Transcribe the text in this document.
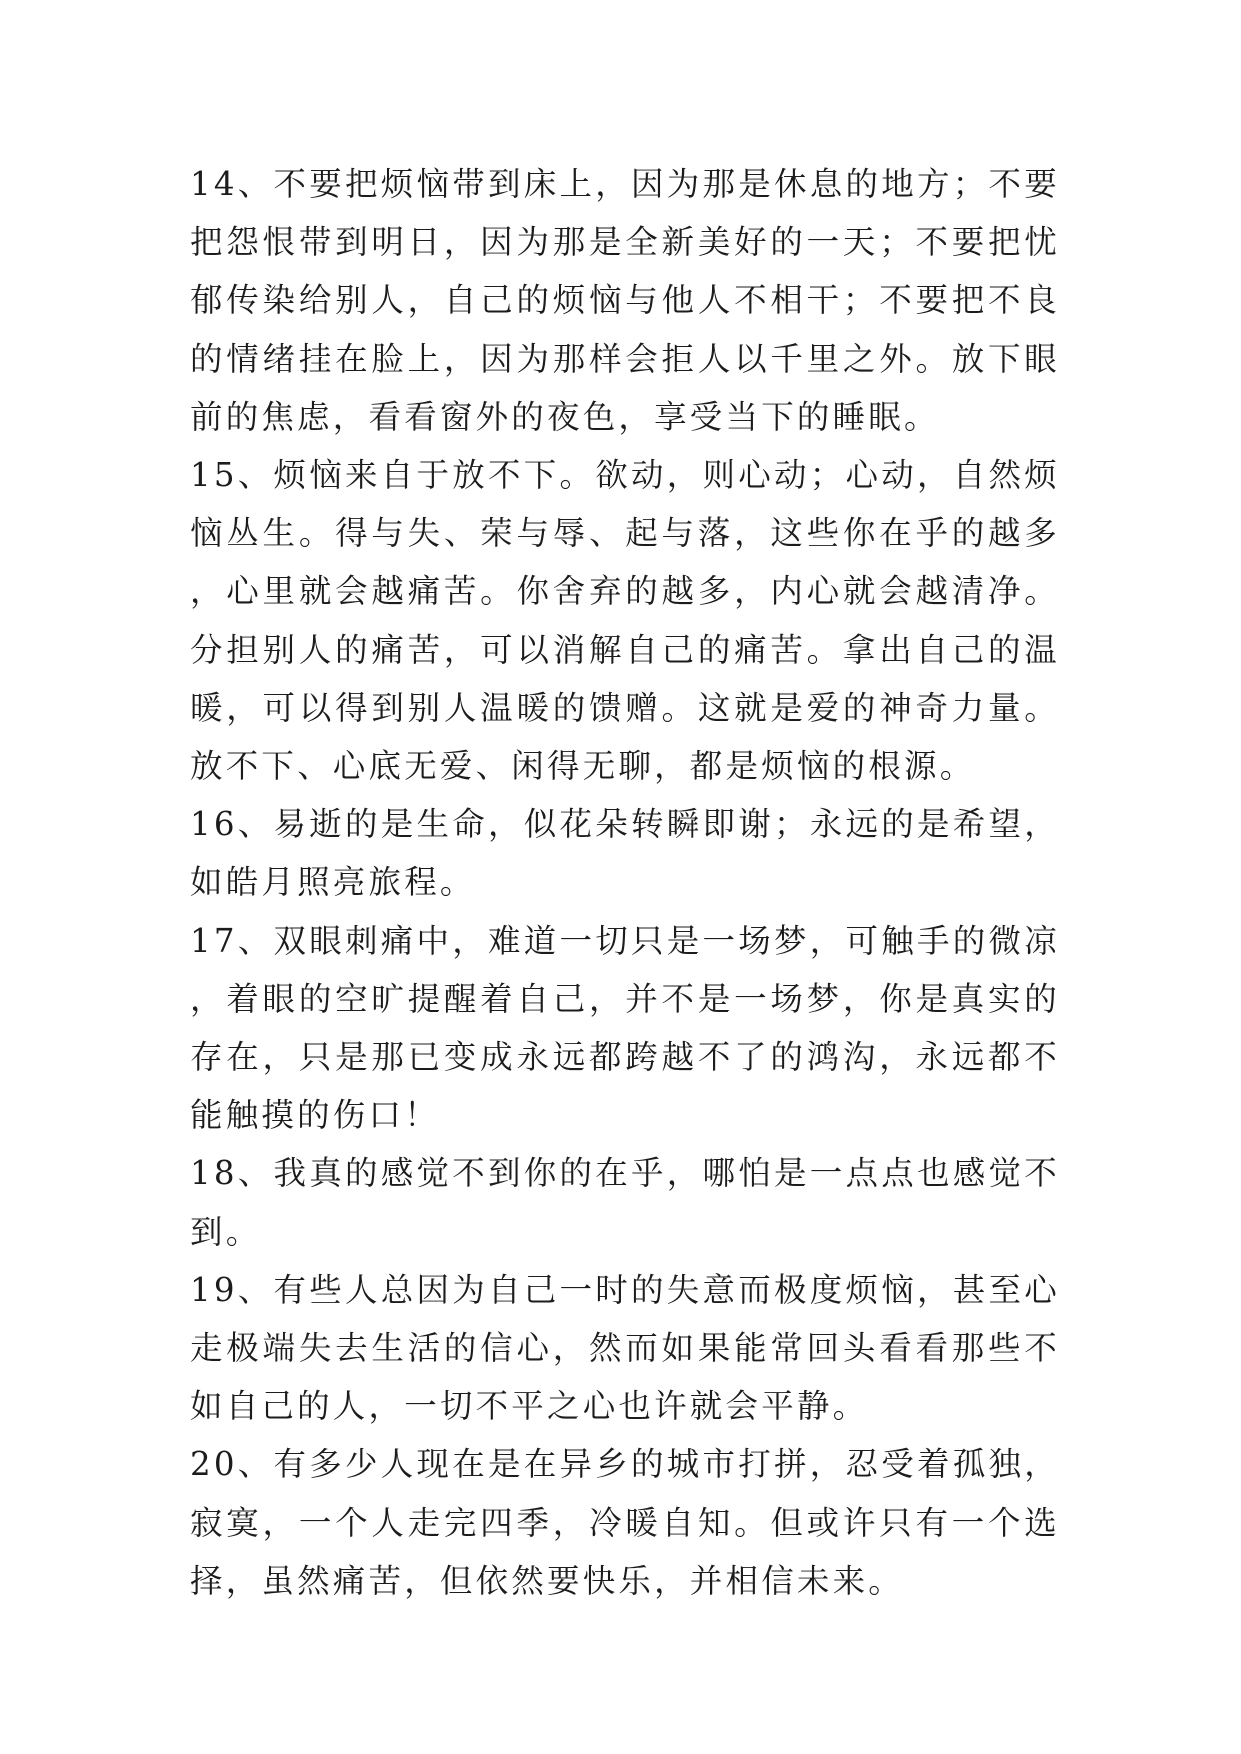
14、不要把烦恼带到床上，因为那是休息的地方；不要把怨恨带到明日，因为那是全新美好的一天；不要把忧郁传染给别人，自己的烦恼与他人不相干；不要把不良的情绪挂在脸上，因为那样会拒人以千里之外。放下眼前的焦虑，看看窗外的夜色，享受当下的睡眠。

15、烦恼来自于放不下。欲动，则心动；心动，自然烦恼丛生。得与失、荣与辱、起与落，这些你在乎的越多，心里就会越痛苦。你舍弃的越多，内心就会越清净。分担别人的痛苦，可以消解自己的痛苦。拿出自己的温暖，可以得到别人温暖的馈赠。这就是爱的神奇力量。放不下、心底无爱、闲得无聊，都是烦恼的根源。

16、易逝的是生命，似花朵转瞬即谢；永远的是希望，如皓月照亮旅程。

17、双眼刺痛中，难道一切只是一场梦，可触手的微凉，着眼的空旷提醒着自己，并不是一场梦，你是真实的存在，只是那已变成永远都跨越不了的鸿沟，永远都不能触摸的伤口！

18、我真的感觉不到你的在乎，哪怕是一点点也感觉不到。

19、有些人总因为自己一时的失意而极度烦恼，甚至心走极端失去生活的信心，然而如果能常回头看看那些不如自己的人，一切不平之心也许就会平静。

20、有多少人现在是在异乡的城市打拼，忍受着孤独，寂寞，一个人走完四季，冷暖自知。但或许只有一个选择，虽然痛苦，但依然要快乐，并相信未来。
